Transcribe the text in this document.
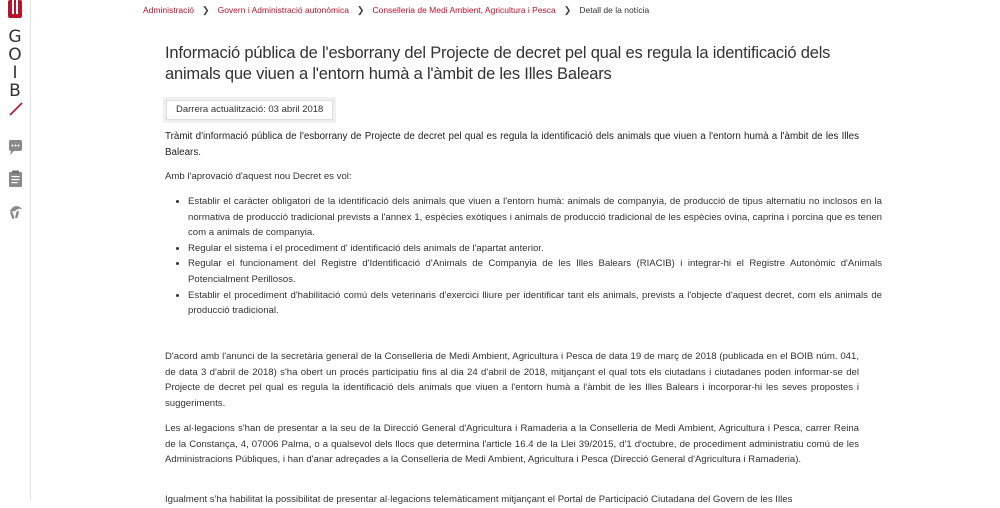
G
O
I
B
Administració ❯ Govern i Administració autonòmica ❯ Conselleria de Medi Ambient, Agricultura i Pesca ❯ Detall de la notícia
Informació pública de l'esborrany del Projecte de decret pel qual es regula la identificació dels animals que viuen a l'entorn humà a l'àmbit de les Illes Balears
Darrera actualització: 03 abril 2018

Tràmit d'informació pública de l'esborrany de Projecte de decret pel qual es regula la identificació dels animals que viuen a l'entorn humà a l'àmbit de les Illes Balears.

Amb l'aprovació d'aquest nou Decret es vol:

• Establir el caràcter obligatori de la identificació dels animals que viuen a l'entorn humà: animals de companyia, de producció de tipus alternatiu no inclosos en la normativa de producció tradicional prevists a l'annex 1, espècies exòtiques i animals de producció tradicional de les espècies ovina, caprina i porcina que es tenen com a animals de companyia.
• Regular el sistema i el procediment d' identificació dels animals de l'apartat anterior.
• Regular el funcionament del Registre d'Identificació d'Animals de Companyia de les Illes Balears (RIACIB) i integrar-hi el Registre Autonòmic d'Animals Potencialment Perillosos.
• Establir el procediment d'habilitació comú dels veterinaris d'exercici lliure per identificar tant els animals, prevists a l'objecte d'aquest decret, com els animals de producció tradicional.

D'acord amb l'anunci de la secretària general de la Conselleria de Medi Ambient, Agricultura i Pesca de data 19 de març de 2018 (publicada en el BOIB núm. 041, de data 3 d'abril de 2018) s'ha obert un procés participatiu fins al dia 24 d'abril de 2018, mitjançant el qual tots els ciutadans i ciutadanes poden informar-se del Projecte de decret pel qual es regula la identificació dels animals que viuen a l'entorn humà a l'àmbit de les Illes Balears i incorporar-hi les seves propostes i suggeriments.

Les al·legacions s'han de presentar a la seu de la Direcció General d'Agricultura i Ramaderia a la Conselleria de Medi Ambient, Agricultura i Pesca, carrer Reina de la Constança, 4, 07006 Palma, o a qualsevol dels llocs que determina l'article 16.4 de la Llei 39/2015, d'1 d'octubre, de procediment administratiu comú de les Administracions Públiques, i han d'anar adreçades a la Conselleria de Medi Ambient, Agricultura i Pesca (Direcció General d'Agricultura i Ramaderia).

Igualment s'ha habilitat la possibilitat de presentar al·legacions telemàticament mitjançant el Portal de Participació Ciutadana del Govern de les Illes
